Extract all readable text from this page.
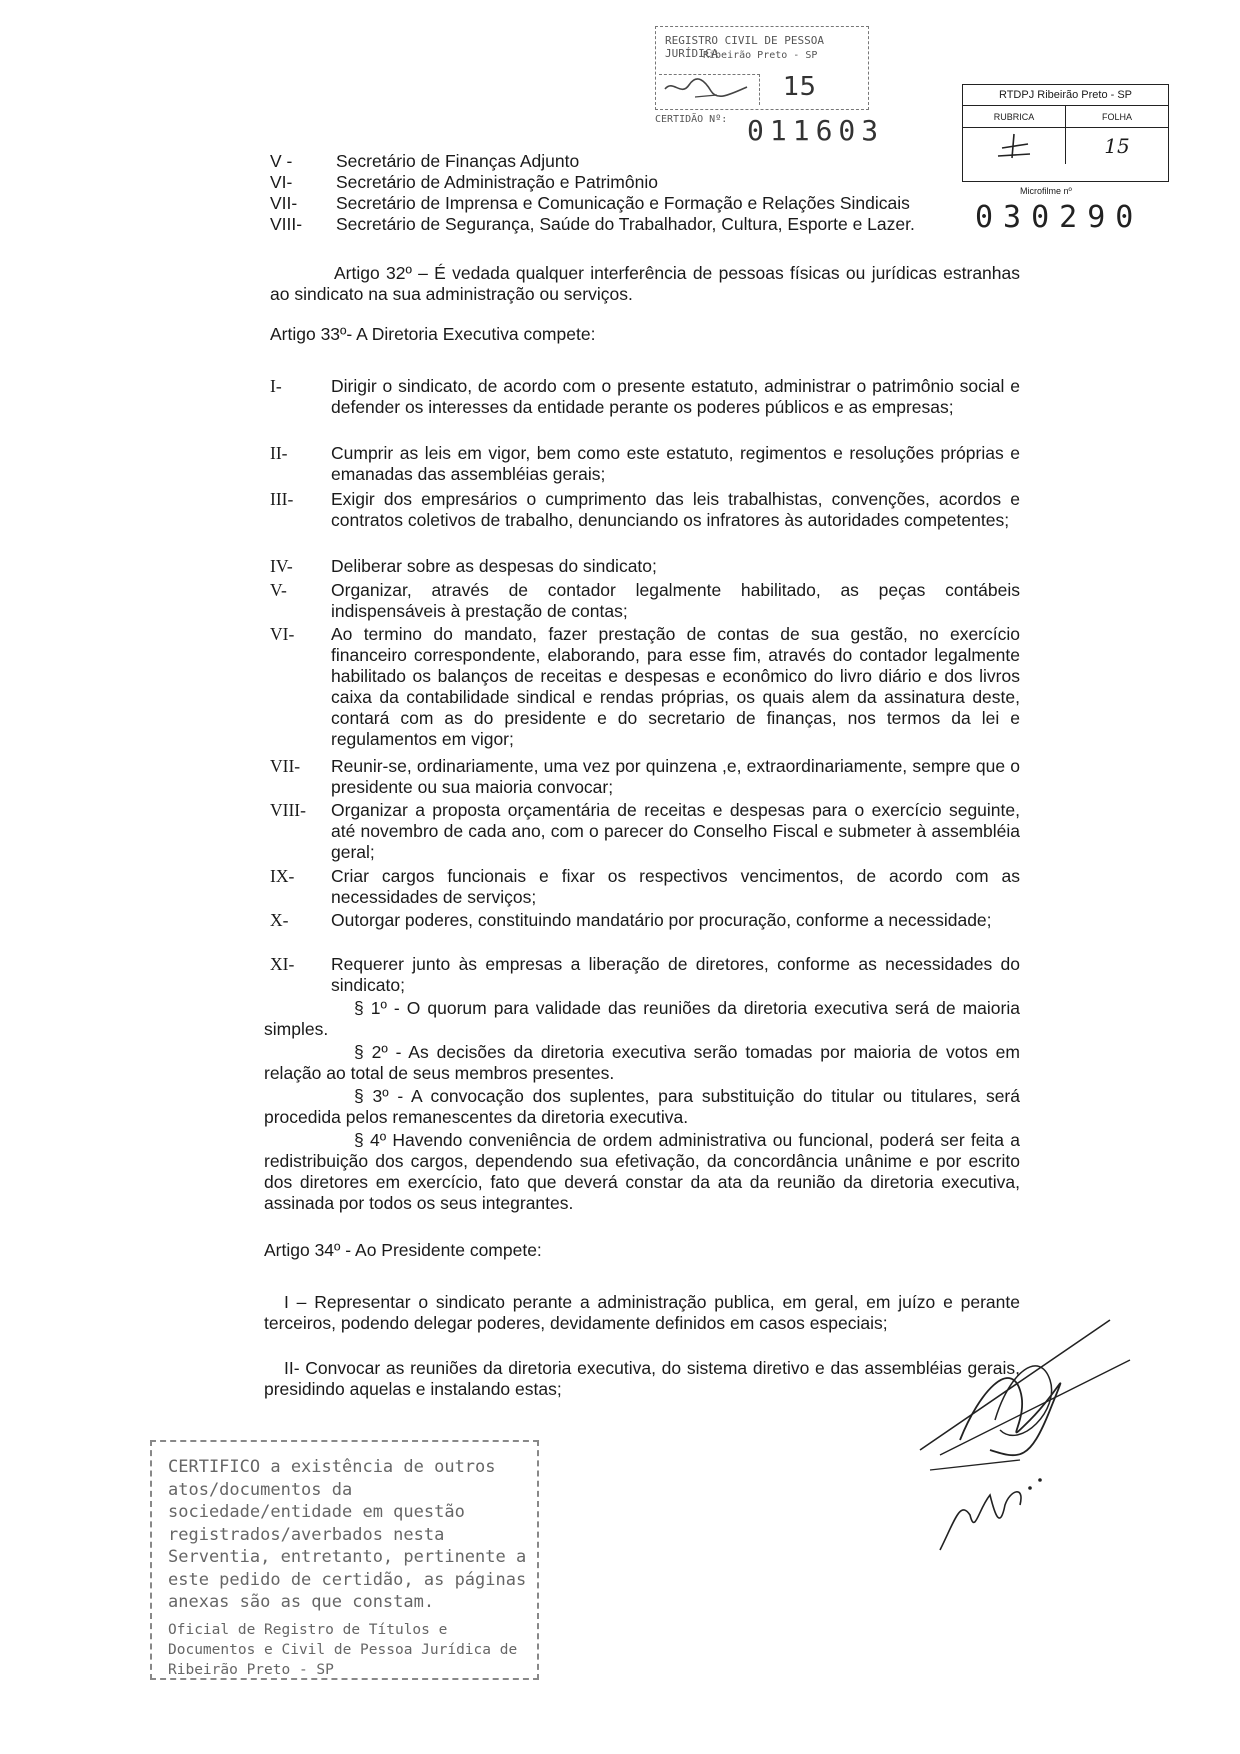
REGISTRO CIVIL DE PESSOA JURÍDICA
Ribeirão Preto - SP
15
CERTIDÃO Nº: 011603
RTDPJ Ribeirão Preto - SP
RUBRICA	FOLHA
15
Microfilme nº
030290
V - Secretário de Finanças Adjunto
VI- Secretário de Administração e Patrimônio
VII- Secretário de Imprensa e Comunicação e Formação e Relações Sindicais
VIII- Secretário de Segurança, Saúde do Trabalhador, Cultura, Esporte e Lazer.
Artigo 32º – É vedada qualquer interferência de pessoas físicas ou jurídicas estranhas ao sindicato na sua administração ou serviços.
Artigo 33º- A Diretoria Executiva compete:
I-	Dirigir o sindicato, de acordo com o presente estatuto, administrar o patrimônio social e defender os interesses da entidade perante os poderes públicos e as empresas;
II- Cumprir as leis em vigor, bem como este estatuto, regimentos e resoluções próprias e emanadas das assembléias gerais;
III- Exigir dos empresários o cumprimento das leis trabalhistas, convenções, acordos e contratos coletivos de trabalho, denunciando os infratores às autoridades competentes;
IV- Deliberar sobre as despesas do sindicato;
V-	Organizar, através de contador legalmente habilitado, as peças contábeis indispensáveis à prestação de contas;
VI- Ao termino do mandato, fazer prestação de contas de sua gestão, no exercício financeiro correspondente, elaborando, para esse fim, através do contador legalmente habilitado os balanços de receitas e despesas e econômico do livro diário e dos livros caixa da contabilidade sindical e rendas próprias, os quais alem da assinatura deste, contará com as do presidente e do secretario de finanças, nos termos da lei e regulamentos em vigor;
VII- Reunir-se, ordinariamente, uma vez por quinzena ,e, extraordinariamente, sempre que o presidente ou sua maioria convocar;
VIII- Organizar a proposta orçamentária de receitas e despesas para o exercício seguinte, até novembro de cada ano, com o parecer do Conselho Fiscal e submeter à assembléia geral;
IX- Criar cargos funcionais e fixar os respectivos vencimentos, de acordo com as necessidades de serviços;
X- Outorgar poderes, constituindo mandatário por procuração, conforme a necessidade;
XI- Requerer junto às empresas a liberação de diretores, conforme as necessidades do sindicato;
§ 1º - O quorum para validade das reuniões da diretoria executiva será de maioria simples.
§ 2º - As decisões da diretoria executiva serão tomadas por maioria de votos em relação ao total de seus membros presentes.
§ 3º - A convocação dos suplentes, para substituição do titular ou titulares, será procedida pelos remanescentes da diretoria executiva.
§ 4º Havendo conveniência de ordem administrativa ou funcional, poderá ser feita a redistribuição dos cargos, dependendo sua efetivação, da concordância unânime e por escrito dos diretores em exercício, fato que deverá constar da ata da reunião da diretoria executiva, assinada por todos os seus integrantes.
Artigo 34º - Ao Presidente compete:
I – Representar o sindicato perante a administração publica, em geral, em juízo e perante terceiros, podendo delegar poderes, devidamente definidos em casos especiais;
II- Convocar as reuniões da diretoria executiva, do sistema diretivo e das assembléias gerais, presidindo aquelas e instalando estas;
CERTIFICO a existência de outros atos/documentos da sociedade/entidade em questão registrados/averbados nesta Serventia, entretanto, pertinente a este pedido de certidão, as páginas anexas são as que constam.
Oficial de Registro de Títulos e Documentos e Civil de Pessoa Jurídica de Ribeirão Preto - SP
